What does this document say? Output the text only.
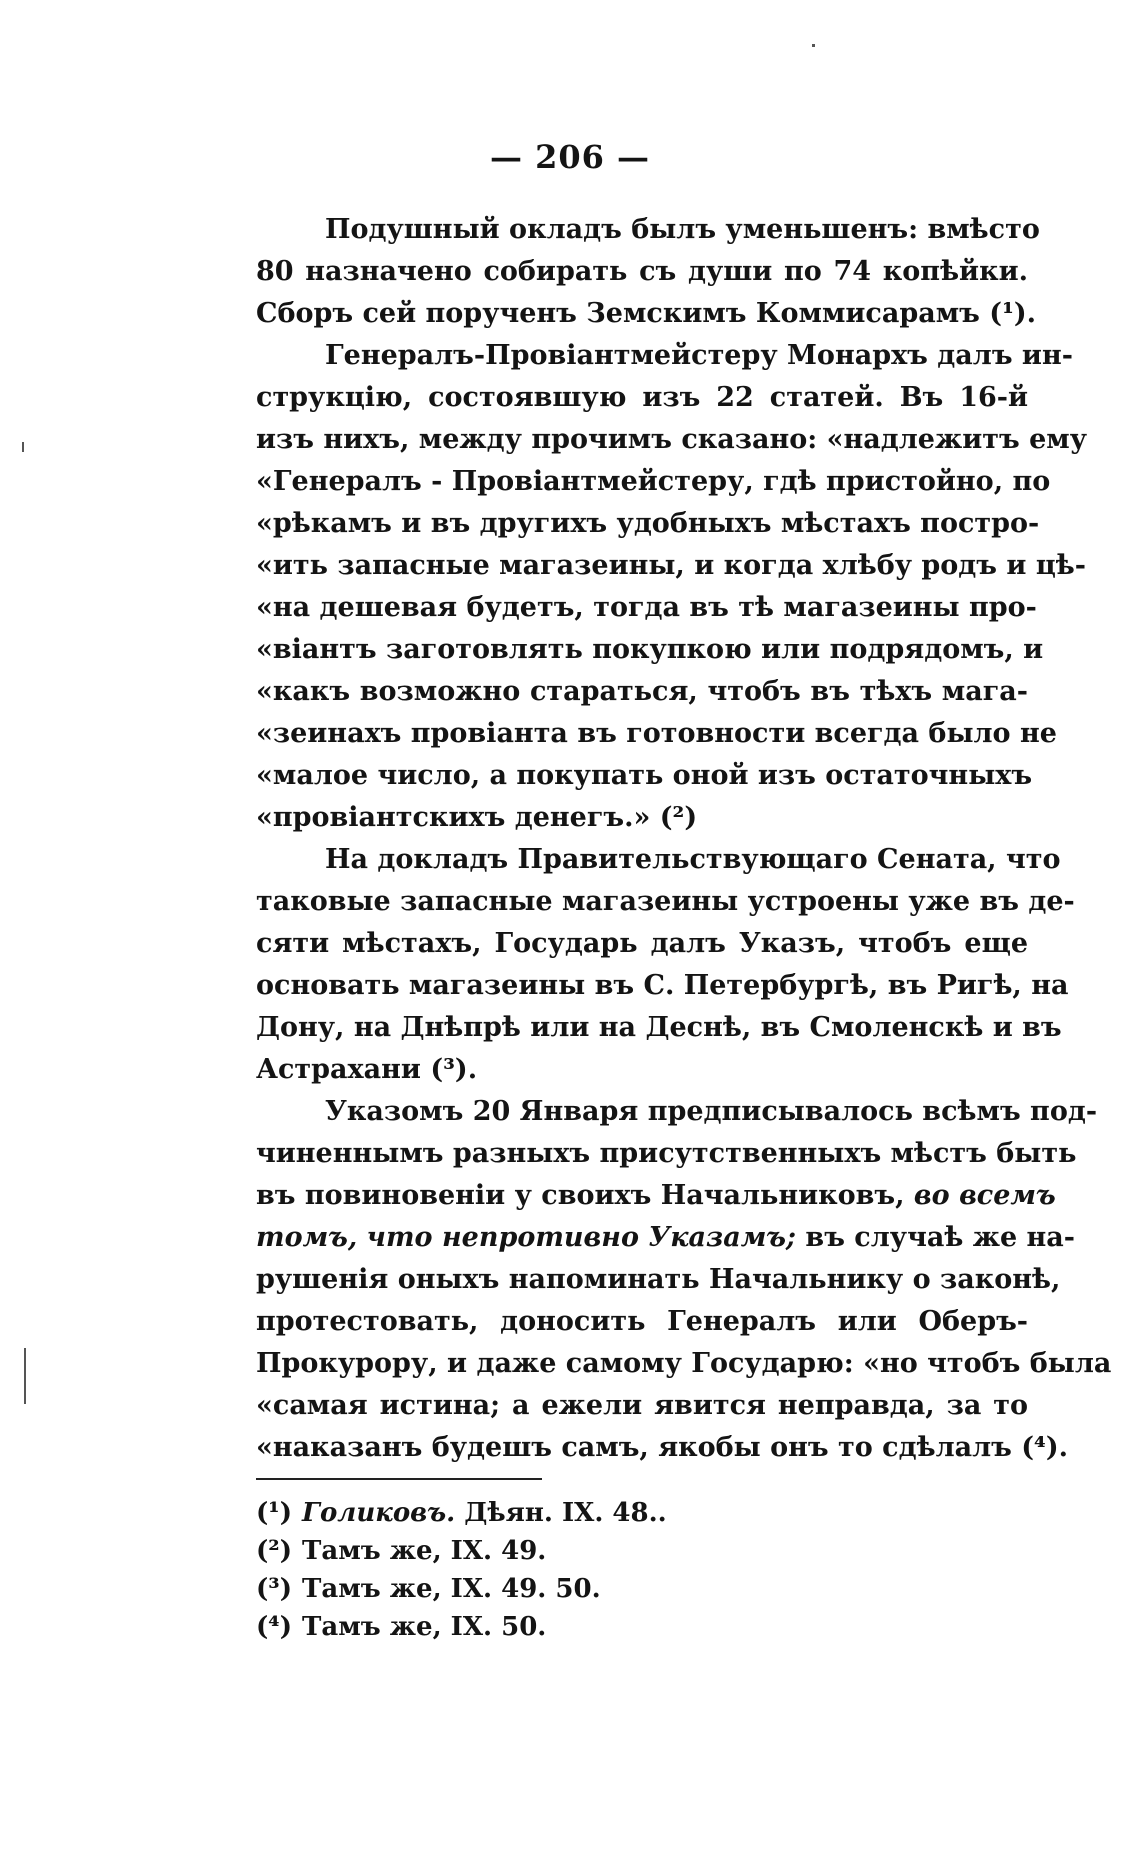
— 206 —
Подушный окладъ былъ уменьшенъ: вмѣсто
80 назначено собирать съ души по 74 копѣйки.
Сборъ сей порученъ Земскимъ Коммисарамъ (¹).
Генералъ-Провіантмейстеру Монархъ далъ ин-
струкцію, состоявшую изъ 22 статей. Въ 16-й
изъ нихъ, между прочимъ сказано: «надлежитъ ему
«Генералъ - Провіантмейстеру, гдѣ пристойно, по
«рѣкамъ и въ другихъ удобныхъ мѣстахъ постро-
«ить запасные магазеины, и когда хлѣбу родъ и цѣ-
«на дешевая будетъ, тогда въ тѣ магазеины про-
«віантъ заготовлять покупкою или подрядомъ, и
«какъ возможно стараться, чтобъ въ тѣхъ мага-
«зеинахъ провіанта въ готовности всегда было не
«малое число, а покупать оной изъ остаточныхъ
«провіантскихъ денегъ.» (²)
На докладъ Правительствующаго Сената, что
таковые запасные магазеины устроены уже въ де-
сяти мѣстахъ, Государь далъ Указъ, чтобъ еще
основать магазеины въ С. Петербургѣ, въ Ригѣ, на
Дону, на Днѣпрѣ или на Деснѣ, въ Смоленскѣ и въ
Астрахани (³).
Указомъ 20 Января предписывалось всѣмъ под-
чиненнымъ разныхъ присутственныхъ мѣстъ быть
въ повиновеніи у своихъ Начальниковъ, во всемъ
томъ, что непротивно Указамъ; въ случаѣ же на-
рушенія оныхъ напоминать Начальнику о законѣ,
протестовать, доносить Генералъ или Оберъ-
Прокурору, и даже самому Государю: «но чтобъ была
«самая истина; а ежели явится неправда, за то
«наказанъ будешъ самъ, якобы онъ то сдѣлалъ (⁴).
(¹) Голиковъ. Дѣян. IX. 48..
(²) Тамъ же, IX. 49.
(³) Тамъ же, IX. 49. 50.
(⁴) Тамъ же, IX. 50.
